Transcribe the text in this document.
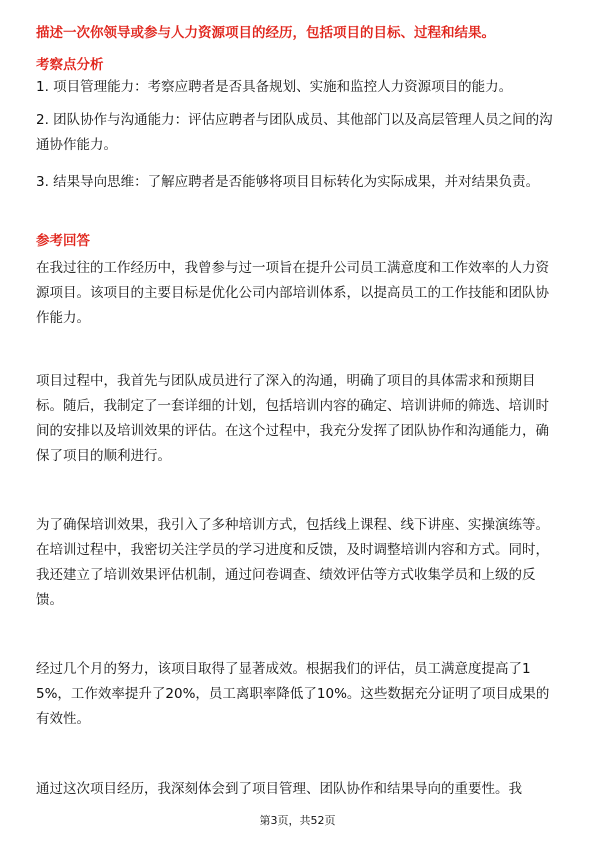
描述一次你领导或参与人力资源项目的经历，包括项目的目标、过程和结果。
考察点分析
1. 项目管理能力：考察应聘者是否具备规划、实施和监控人力资源项目的能力。
2. 团队协作与沟通能力：评估应聘者与团队成员、其他部门以及高层管理人员之间的沟通协作能力。
3. 结果导向思维：了解应聘者是否能够将项目目标转化为实际成果，并对结果负责。
参考回答
在我过往的工作经历中，我曾参与过一项旨在提升公司员工满意度和工作效率的人力资源项目。该项目的主要目标是优化公司内部培训体系，以提高员工的工作技能和团队协作能力。
项目过程中，我首先与团队成员进行了深入的沟通，明确了项目的具体需求和预期目标。随后，我制定了一套详细的计划，包括培训内容的确定、培训讲师的筛选、培训时间的安排以及培训效果的评估。在这个过程中，我充分发挥了团队协作和沟通能力，确保了项目的顺利进行。
为了确保培训效果，我引入了多种培训方式，包括线上课程、线下讲座、实操演练等。在培训过程中，我密切关注学员的学习进度和反馈，及时调整培训内容和方式。同时，我还建立了培训效果评估机制，通过问卷调查、绩效评估等方式收集学员和上级的反馈。
经过几个月的努力，该项目取得了显著成效。根据我们的评估，员工满意度提高了15%，工作效率提升了20%，员工离职率降低了10%。这些数据充分证明了项目成果的有效性。
通过这次项目经历，我深刻体会到了项目管理、团队协作和结果导向的重要性。我
第3页，共52页
